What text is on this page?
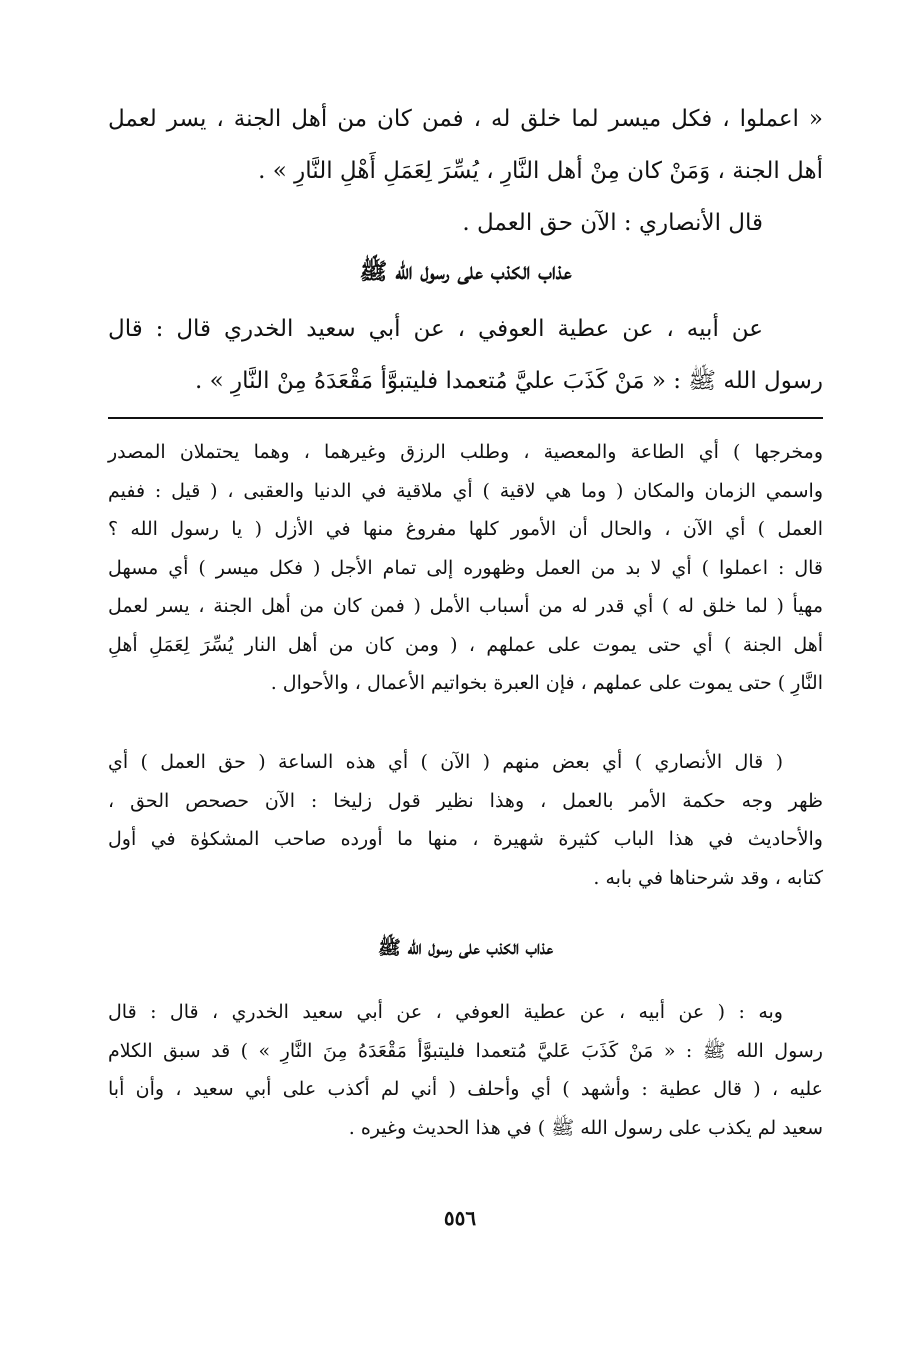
« اعملوا ، فكل ميسر لما خلق له ، فمن كان من أهل الجنة ، يسر لعمل
أهل الجنة ، وَمَنْ كان مِنْ أهل النَّارِ ، يُسِّرَ لِعَمَلِ أَهْلِ النَّارِ » .
قال الأنصاري : الآن حق العمل .
عذاب الكذب على رسول الله ﷺ
عن أبيه ، عن عطية العوفي ، عن أبي سعيد الخدري قال : قال
رسول الله ﷺ : « مَنْ كَذَبَ عليَّ مُتعمدا فليتبوَّأ مَقْعَدَهُ مِنْ النَّارِ » .
ومخرجها ) أي الطاعة والمعصية ، وطلب الرزق وغيرهما ، وهما يحتملان المصدر
واسمي الزمان والمكان ( وما هي لاقية ) أي ملاقية في الدنيا والعقبى ، ( قيل : ففيم
العمل ) أي الآن ، والحال أن الأمور كلها مفروغ منها في الأزل ( يا رسول الله ؟
قال : اعملوا ) أي لا بد من العمل وظهوره إلى تمام الأجل ( فكل ميسر ) أي مسهل
مهيأ ( لما خلق له ) أي قدر له من أسباب الأمل ( فمن كان من أهل الجنة ، يسر لعمل
أهل الجنة ) أي حتى يموت على عملهم ، ( ومن كان من أهل النار يُسِّرَ لِعَمَلِ أهلِ
النَّارِ ) حتى يموت على عملهم ، فإن العبرة بخواتيم الأعمال ، والأحوال .
( قال الأنصاري ) أي بعض منهم ( الآن ) أي هذه الساعة ( حق العمل ) أي
ظهر وجه حكمة الأمر بالعمل ، وهذا نظير قول زليخا : الآن حصحص الحق ،
والأحاديث في هذا الباب كثيرة شهيرة ، منها ما أورده صاحب المشكوٰة في أول
كتابه ، وقد شرحناها في بابه .
عذاب الكذب على رسول الله ﷺ
وبه : ( عن أبيه ، عن عطية العوفي ، عن أبي سعيد الخدري ، قال : قال
رسول الله ﷺ : « مَنْ كَذَبَ عَليَّ مُتعمدا فليتبوَّأ مَقْعَدَهُ مِنَ النَّارِ » ) قد سبق الكلام
عليه ، ( قال عطية : وأشهد ) أي وأحلف ( أني لم أكذب على أبي سعيد ، وأن أبا
سعيد لم يكذب على رسول الله ﷺ ) في هذا الحديث وغيره .
٥٥٦
